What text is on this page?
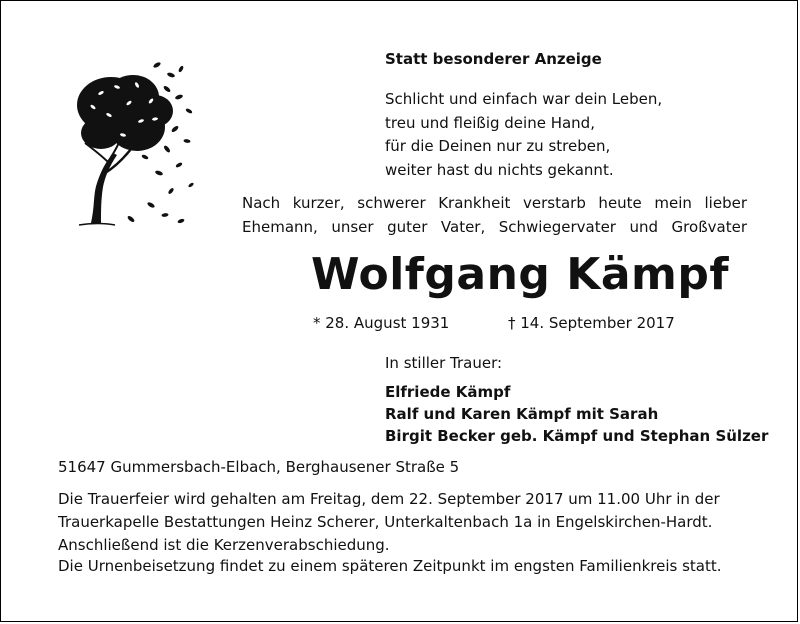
Statt besonderer Anzeige
Schlicht und einfach war dein Leben,
treu und fleißig deine Hand,
für die Deinen nur zu streben,
weiter hast du nichts gekannt.
Nach kurzer, schwerer Krankheit verstarb heute mein lieber
Ehemann, unser guter Vater, Schwiegervater und Großvater
Wolfgang Kämpf
* 28. August 1931	† 14. September 2017
In stiller Trauer:
Elfriede Kämpf
Ralf und Karen Kämpf mit Sarah
Birgit Becker geb. Kämpf und Stephan Sülzer
51647 Gummersbach-Elbach, Berghausener Straße 5
Die Trauerfeier wird gehalten am Freitag, dem 22. September 2017 um 11.00 Uhr in der
Trauerkapelle Bestattungen Heinz Scherer, Unterkaltenbach 1a in Engelskirchen-Hardt.
Anschließend ist die Kerzenverabschiedung.
Die Urnenbeisetzung findet zu einem späteren Zeitpunkt im engsten Familienkreis statt.
